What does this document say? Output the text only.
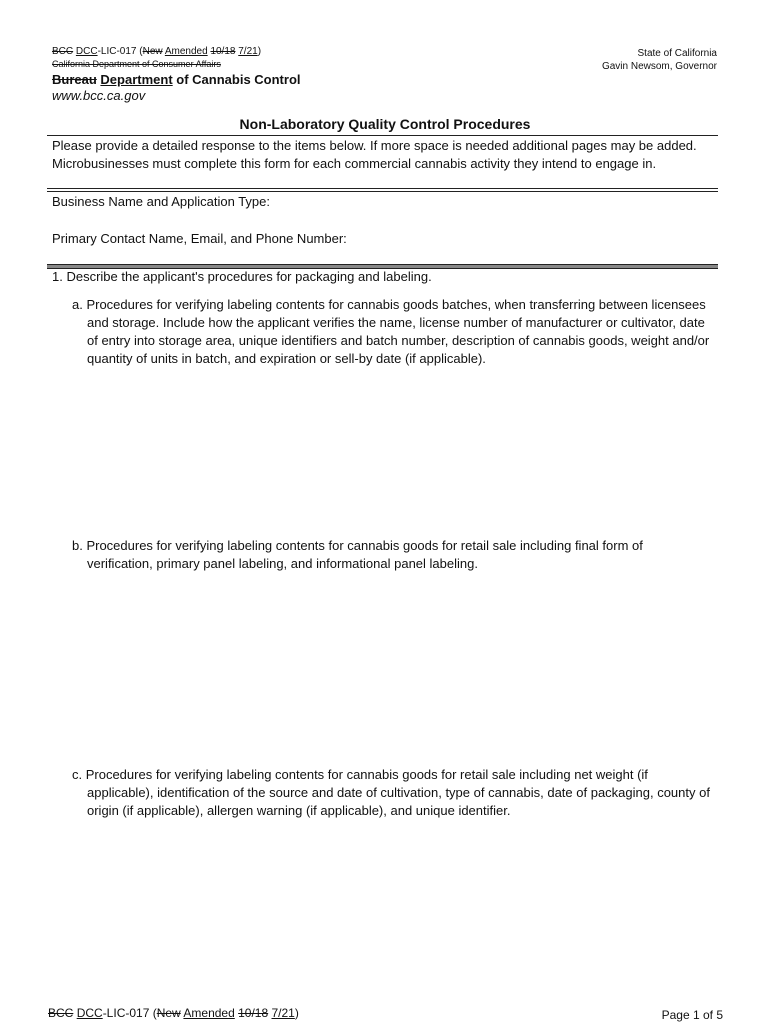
BCC DCC-LIC-017 (New Amended 10/18 7/21)
California Department of Consumer Affairs
Bureau Department of Cannabis Control
www.bcc.ca.gov
State of California
Gavin Newsom, Governor
Non-Laboratory Quality Control Procedures
Please provide a detailed response to the items below. If more space is needed additional pages may be added. Microbusinesses must complete this form for each commercial cannabis activity they intend to engage in.
Business Name and Application Type:
Primary Contact Name, Email, and Phone Number:
1. Describe the applicant's procedures for packaging and labeling.
a. Procedures for verifying labeling contents for cannabis goods batches, when transferring between licensees and storage. Include how the applicant verifies the name, license number of manufacturer or cultivator, date of entry into storage area, unique identifiers and batch number, description of cannabis goods, weight and/or quantity of units in batch, and expiration or sell-by date (if applicable).
b. Procedures for verifying labeling contents for cannabis goods for retail sale including final form of verification, primary panel labeling, and informational panel labeling.
c. Procedures for verifying labeling contents for cannabis goods for retail sale including net weight (if applicable), identification of the source and date of cultivation, type of cannabis, date of packaging, county of origin (if applicable), allergen warning (if applicable), and unique identifier.
BCC DCC-LIC-017 (New Amended 10/18 7/21)	Page 1 of 5
